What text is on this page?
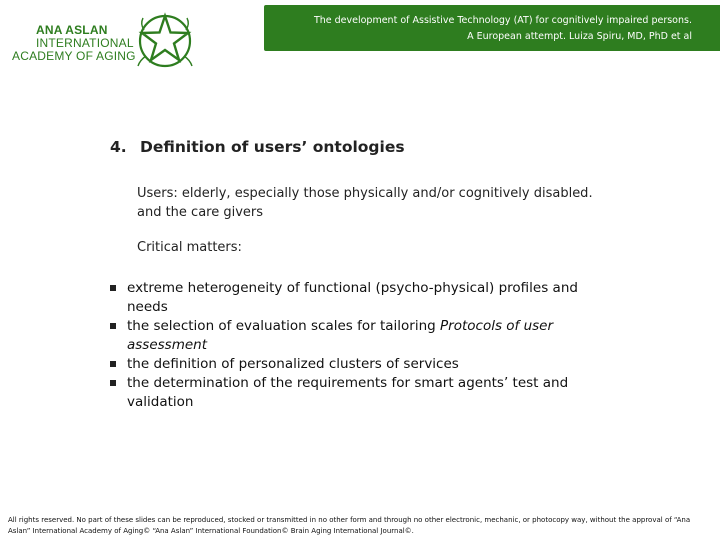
ANA ASLAN
INTERNATIONAL
ACADEMY OF AGING
The development of Assistive Technology (AT) for cognitively impaired persons.
A European attempt. Luiza Spiru, MD, PhD et al
4. Definition of users’ ontologies
Users: elderly, especially those physically and/or cognitively disabled.
and the care givers
Critical matters:
extreme heterogeneity of functional (psycho-physical) profiles and needs
the selection of evaluation scales for tailoring Protocols of user assessment
the definition of personalized clusters of services
the determination of the requirements for smart agents’ test and validation
All rights reserved. No part of these slides can be reproduced, stocked or transmitted in no other form and through no other electronic, mechanic, or photocopy way, without the approval of “Ana Aslan” International Academy of Aging© “Ana Aslan” International Foundation© Brain Aging International Journal©.
